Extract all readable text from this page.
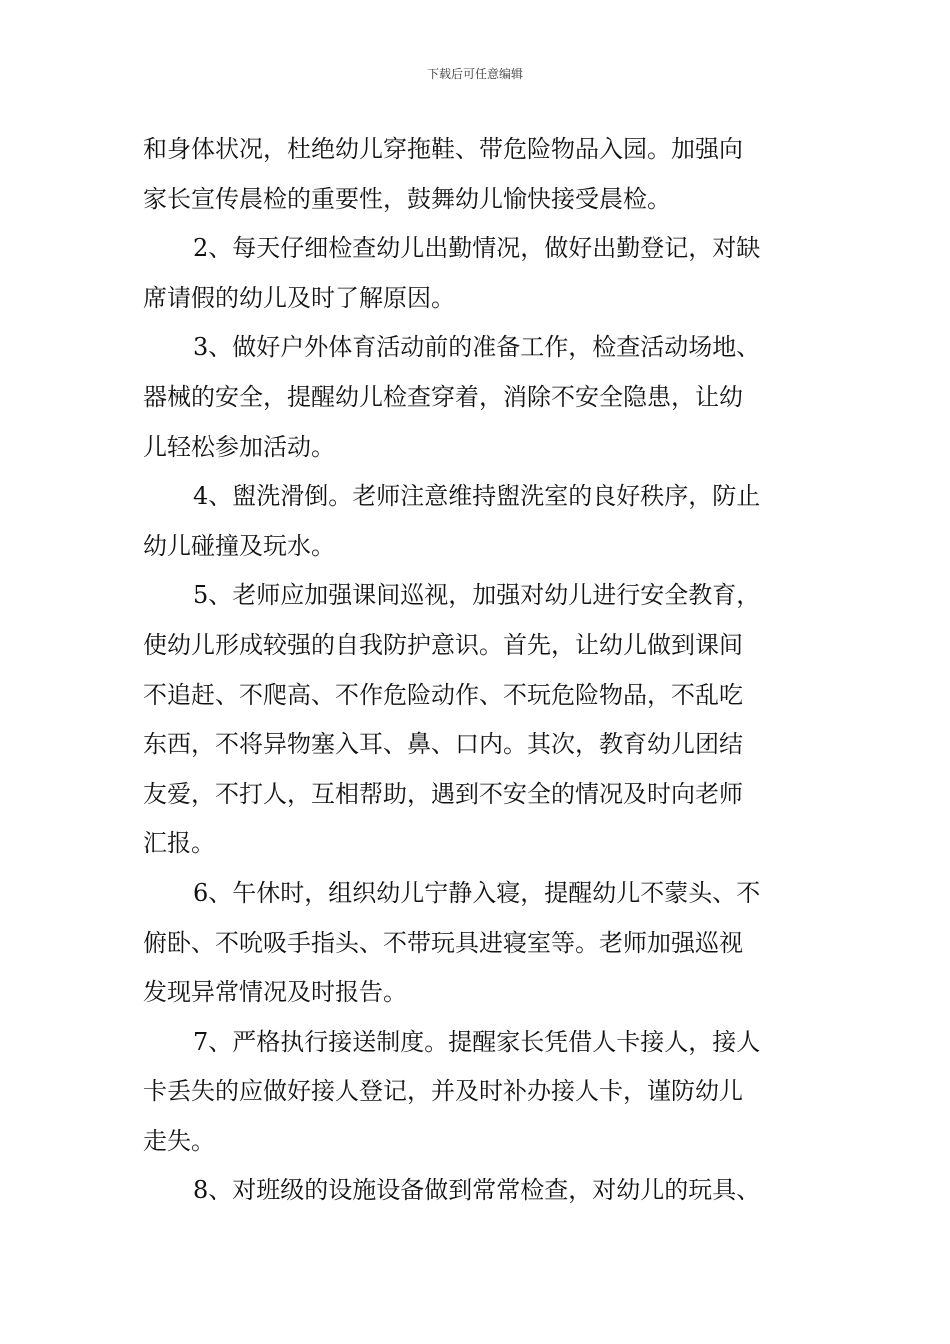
下载后可任意编辑
和身体状况，杜绝幼儿穿拖鞋、带危险物品入园。加强向
家长宣传晨检的重要性，鼓舞幼儿愉快接受晨检。
2、每天仔细检查幼儿出勤情况，做好出勤登记，对缺
席请假的幼儿及时了解原因。
3、做好户外体育活动前的准备工作，检查活动场地、
器械的安全，提醒幼儿检查穿着，消除不安全隐患，让幼
儿轻松参加活动。
4、盥洗滑倒。老师注意维持盥洗室的良好秩序，防止
幼儿碰撞及玩水。
5、老师应加强课间巡视，加强对幼儿进行安全教育，
使幼儿形成较强的自我防护意识。首先，让幼儿做到课间
不追赶、不爬高、不作危险动作、不玩危险物品，不乱吃
东西，不将异物塞入耳、鼻、口内。其次，教育幼儿团结
友爱，不打人，互相帮助，遇到不安全的情况及时向老师
汇报。
6、午休时，组织幼儿宁静入寝，提醒幼儿不蒙头、不
俯卧、不吮吸手指头、不带玩具进寝室等。老师加强巡视
发现异常情况及时报告。
7、严格执行接送制度。提醒家长凭借人卡接人，接人
卡丢失的应做好接人登记，并及时补办接人卡，谨防幼儿
走失。
8、对班级的设施设备做到常常检查，对幼儿的玩具、
